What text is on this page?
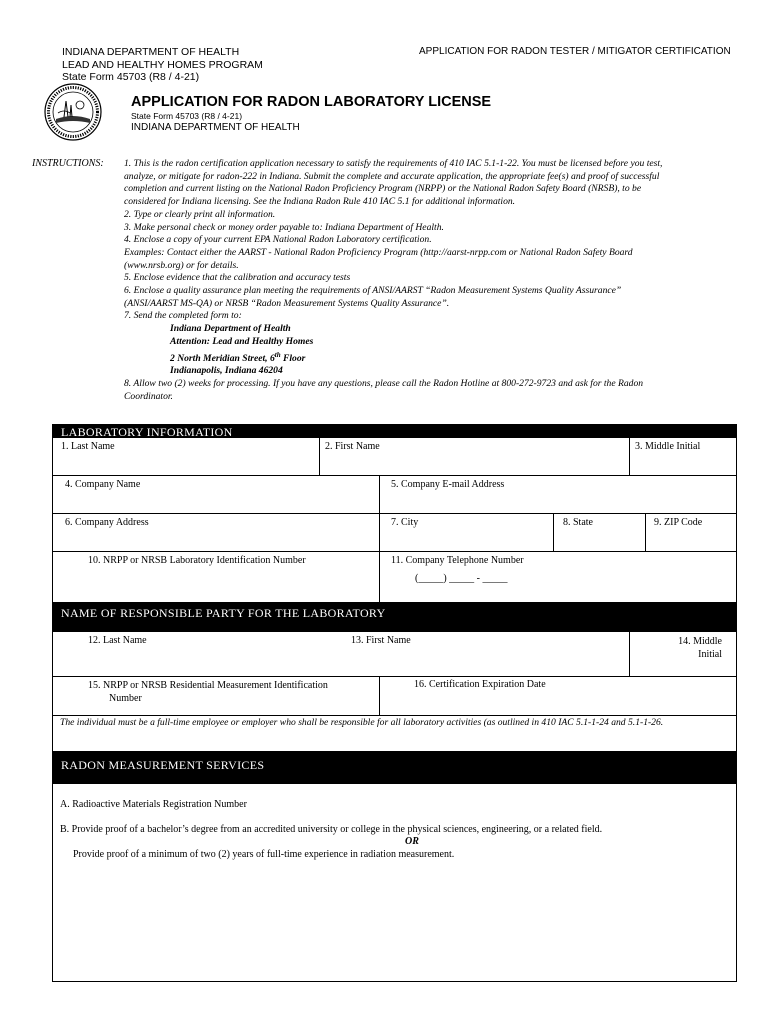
INDIANA DEPARTMENT OF HEALTH
LEAD AND HEALTHY HOMES PROGRAM
State Form 45703 (R8 / 4-21)
APPLICATION FOR RADON TESTER / MITIGATOR CERTIFICATION
APPLICATION FOR RADON LABORATORY LICENSE
State Form 45703 (R8 / 4-21)
INDIANA DEPARTMENT OF HEALTH
INSTRUCTIONS: 1. This is the radon certification application necessary to satisfy the requirements of 410 IAC 5.1-1-22. You must be licensed before you test, analyze, or mitigate for radon-222 in Indiana. Submit the complete and accurate application, the appropriate fee(s) and proof of successful completion and current listing on the National Radon Proficiency Program (NRPP) or the National Radon Safety Board (NRSB), to be considered for Indiana licensing. See the Indiana Radon Rule 410 IAC 5.1 for additional information.

2. Type or clearly print all information.

3. Make personal check or money order payable to: Indiana Department of Health.

4. Enclose a copy of your current EPA National Radon Laboratory certification.

Examples: Contact either the AARST - National Radon Proficiency Program (http://aarst-nrpp.com or National Radon Safety Board (www.nrsb.org) or for details.

5. Enclose evidence that the calibration and accuracy tests

6. Enclose a quality assurance plan meeting the requirements of ANSI/AARST “Radon Measurement Systems Quality Assurance” (ANSI/AARST MS-QA) or NRSB “Radon Measurement Systems Quality Assurance”.

7. Send the completed form to:

Indiana Department of Health

Attention: Lead and Healthy Homes

2 North Meridian Street, 6th Floor

Indianapolis, Indiana 46204

8. Allow two (2) weeks for processing. If you have any questions, please call the Radon Hotline at 800-272-9723 and ask for the Radon Coordinator.

LABORATORY INFORMATION
1. Last Name	2. First Name	3. Middle Initial
4. Company Name	5. Company E-mail Address
6. Company Address	7. City	8. State	9. ZIP Code
10. NRPP or NRSB Laboratory Identification Number	11. Company Telephone Number
(_____) _____ - _____
NAME OF RESPONSIBLE PARTY FOR THE LABORATORY
12. Last Name	13. First Name	14. Middle
Initial
15. NRPP or NRSB Residential Measurement Identification
Number
16. Certification Expiration Date
The individual must be a full-time employee or employer who shall be responsible for all laboratory activities (as outlined in 410 IAC 5.1-1-24 and 5.1-1-26.
RADON MEASUREMENT SERVICES
A. Radioactive Materials Registration Number
B. Provide proof of a bachelor’s degree from an accredited university or college in the physical sciences, engineering, or a related field.
OR
Provide proof of a minimum of two (2) years of full-time experience in radiation measurement.
